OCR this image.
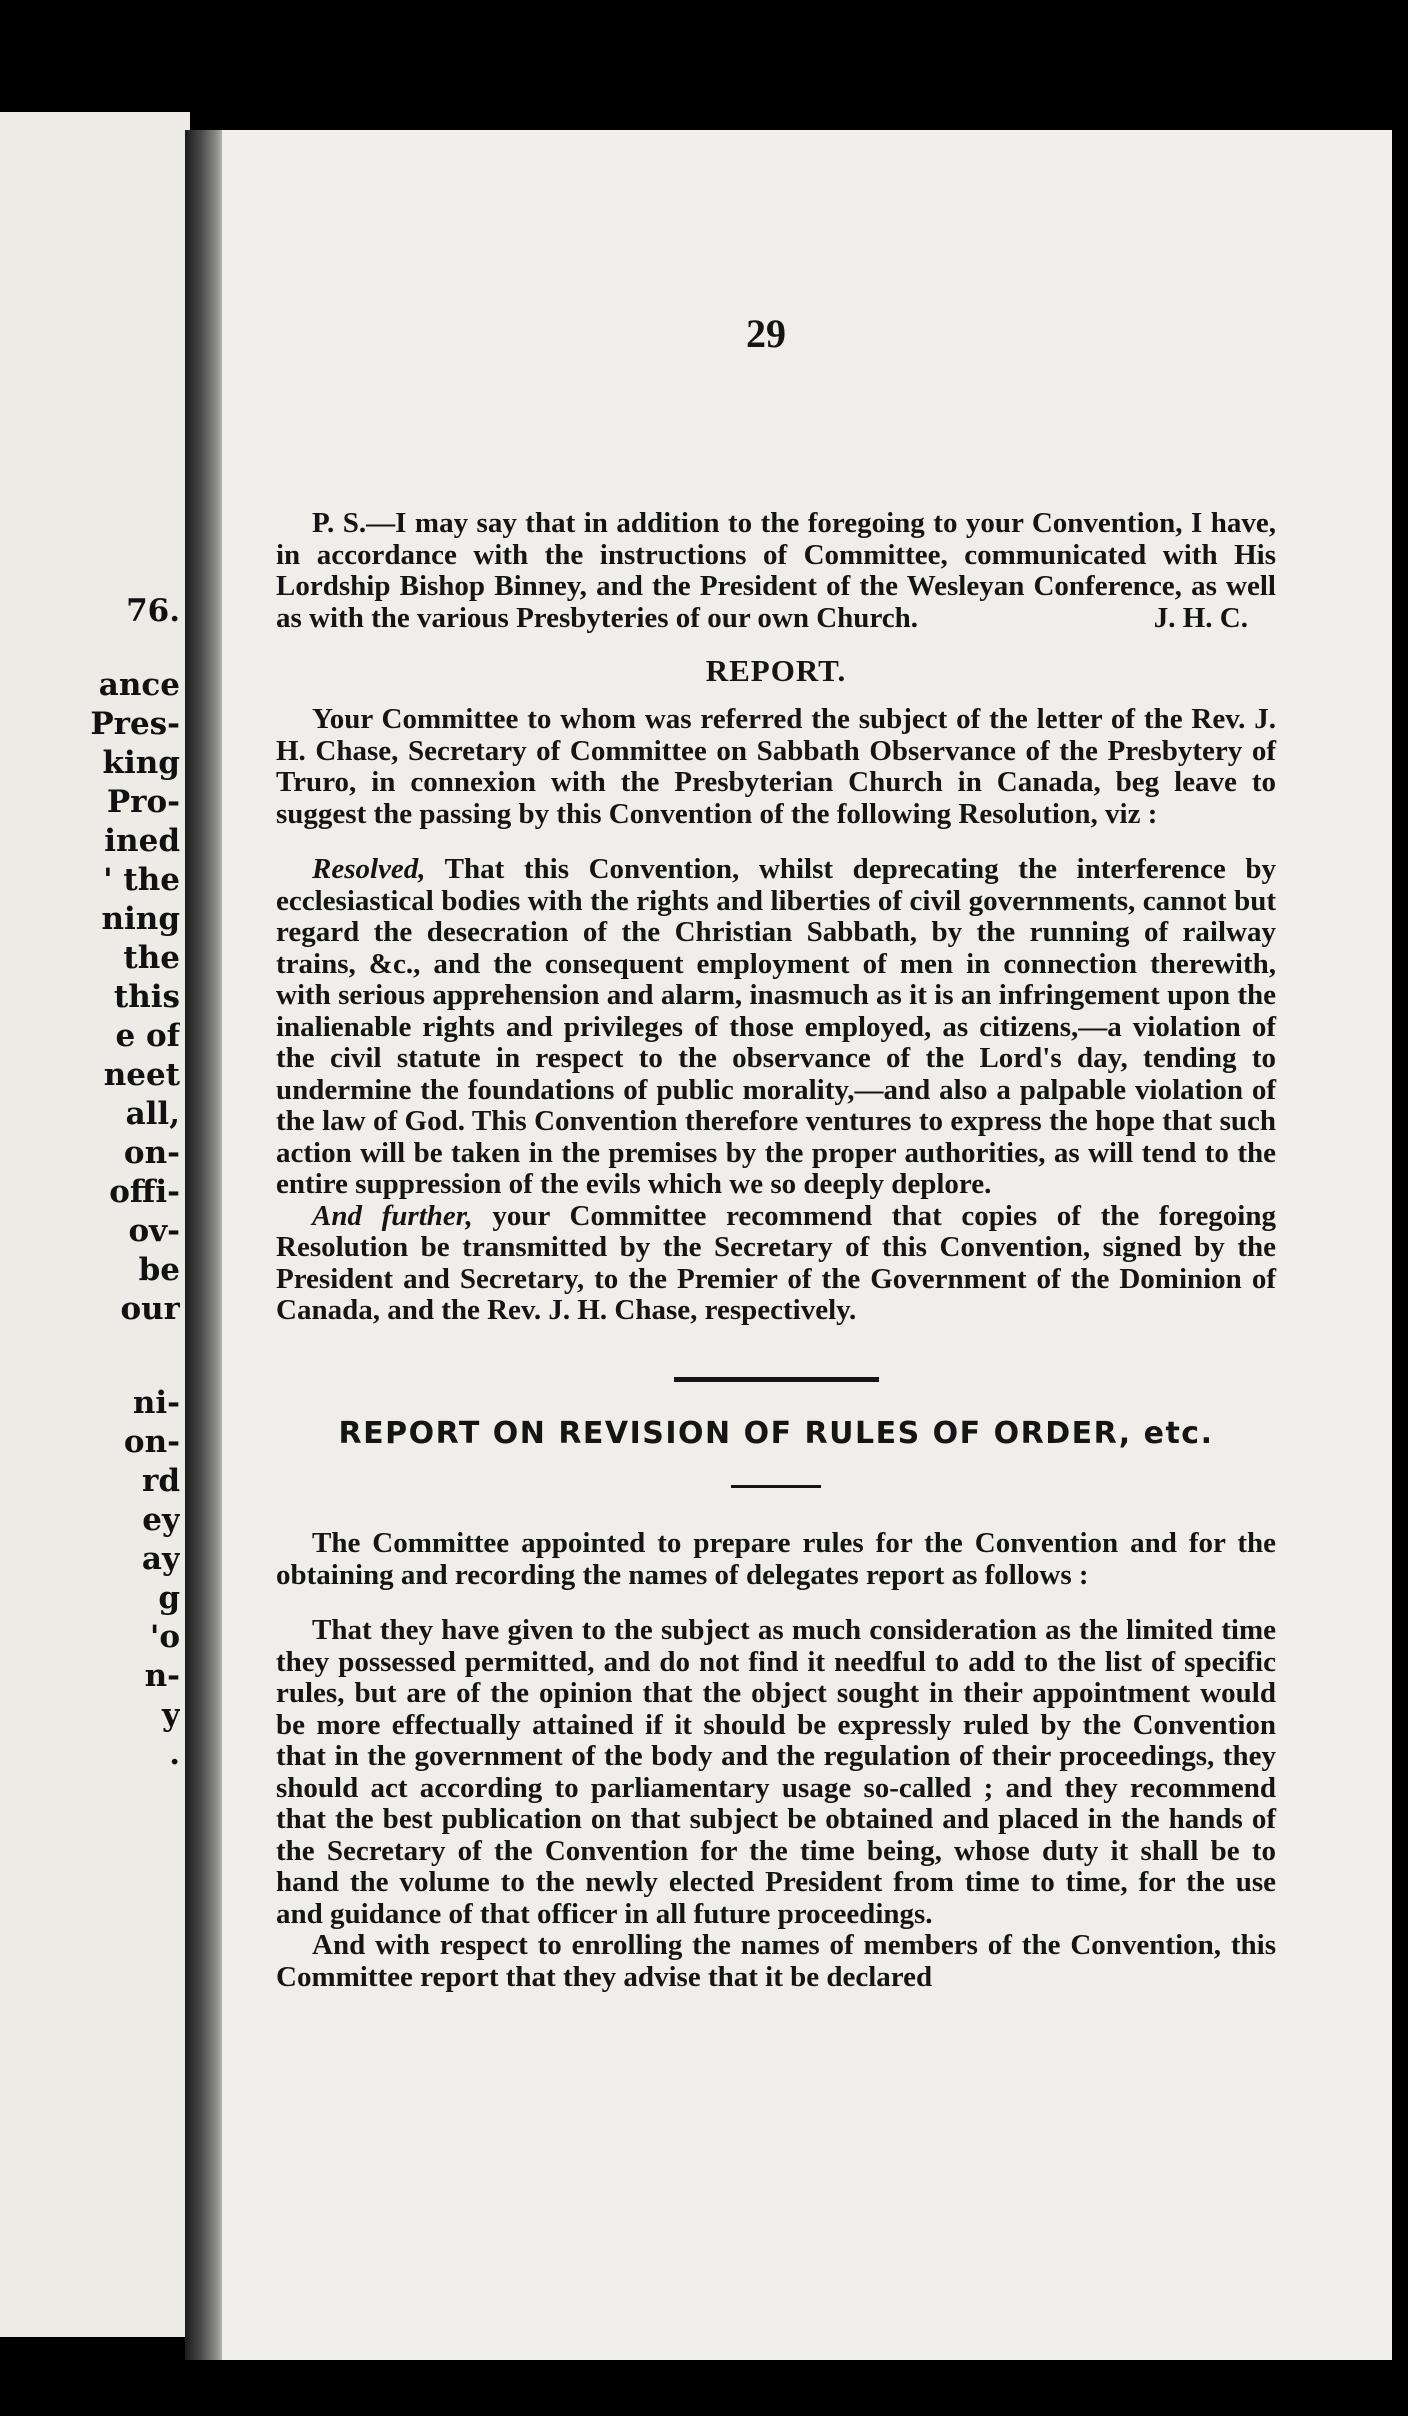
76.
ance
Pres-
king
Pro-
ined
' the
ning
the
this
e of
neet
all,
on-
offi-
ov-
be
our
ni-
on-
rd
ey
ay
g
'o
n-
y
.
29

P. S.—I may say that in addition to the foregoing to your Convention, I have, in accordance with the instructions of Committee, communicated with His Lordship Bishop Binney, and the President of the Wesleyan Conference, as well as with the various Presbyteries of our own Church.	J. H. C.

REPORT.

Your Committee to whom was referred the subject of the letter of the Rev. J. H. Chase, Secretary of Committee on Sabbath Observance of the Presbytery of Truro, in connexion with the Presbyterian Church in Canada, beg leave to suggest the passing by this Convention of the following Resolution, viz :

Resolved, That this Convention, whilst deprecating the interference by ecclesiastical bodies with the rights and liberties of civil governments, cannot but regard the desecration of the Christian Sabbath, by the running of railway trains, &c., and the consequent employment of men in connection therewith, with serious apprehension and alarm, inasmuch as it is an infringement upon the inalienable rights and privileges of those employed, as citizens,—a violation of the civil statute in respect to the observance of the Lord's day, tending to undermine the foundations of public morality,—and also a palpable violation of the law of God. This Convention therefore ventures to express the hope that such action will be taken in the premises by the proper authorities, as will tend to the entire suppression of the evils which we so deeply deplore.

And further, your Committee recommend that copies of the foregoing Resolution be transmitted by the Secretary of this Convention, signed by the President and Secretary, to the Premier of the Government of the Dominion of Canada, and the Rev. J. H. Chase, respectively.

REPORT ON REVISION OF RULES OF ORDER, etc.

The Committee appointed to prepare rules for the Convention and for the obtaining and recording the names of delegates report as follows :

That they have given to the subject as much consideration as the limited time they possessed permitted, and do not find it needful to add to the list of specific rules, but are of the opinion that the object sought in their appointment would be more effectually attained if it should be expressly ruled by the Convention that in the government of the body and the regulation of their proceedings, they should act according to parliamentary usage so-called ; and they recommend that the best publication on that subject be obtained and placed in the hands of the Secretary of the Convention for the time being, whose duty it shall be to hand the volume to the newly elected President from time to time, for the use and guidance of that officer in all future proceedings.

And with respect to enrolling the names of members of the Convention, this Committee report that they advise that it be declared
